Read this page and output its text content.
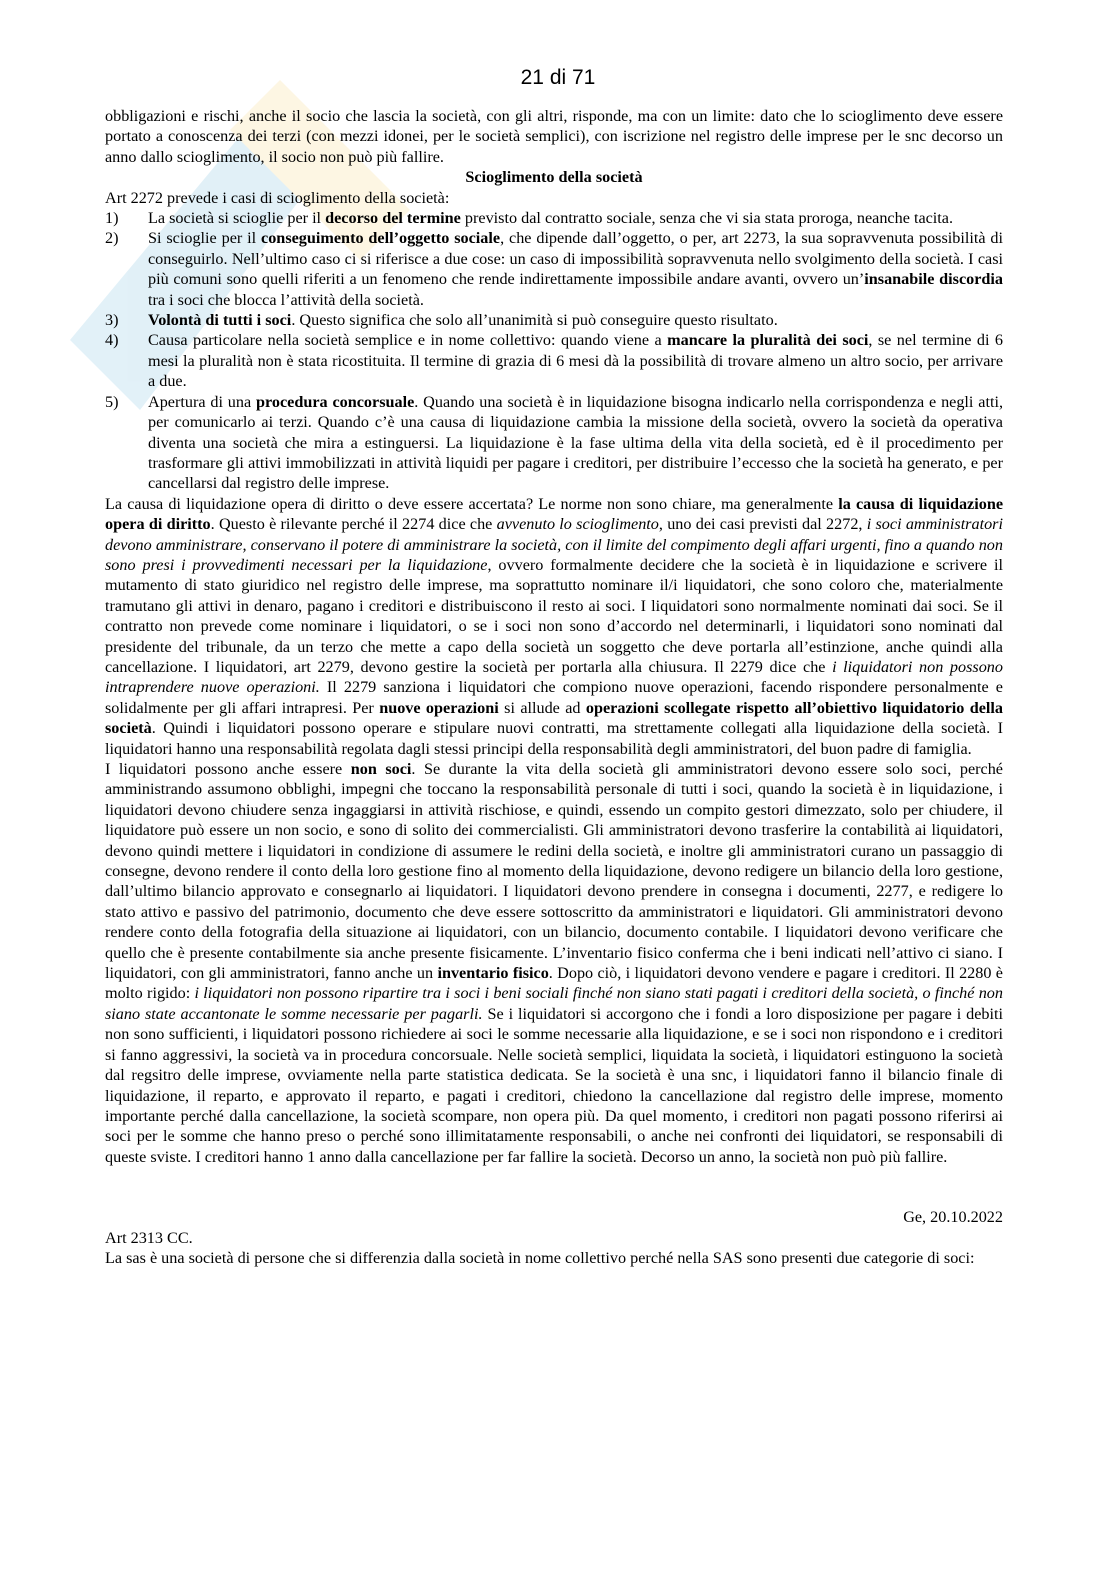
21 di 71

obbligazioni e rischi, anche il socio che lascia la società, con gli altri, risponde, ma con un limite: dato che lo scioglimento deve essere portato a conoscenza dei terzi (con mezzi idonei, per le società semplici), con iscrizione nel registro delle imprese per le snc decorso un anno dallo scioglimento, il socio non può più fallire.

Scioglimento della società

Art 2272 prevede i casi di scioglimento della società:

1)	La società si scioglie per il decorso del termine previsto dal contratto sociale, senza che vi sia stata proroga, neanche tacita.
2)	Si scioglie per il conseguimento dell’oggetto sociale, che dipende dall’oggetto, o per, art 2273, la sua sopravvenuta possibilità di conseguirlo. Nell’ultimo caso ci si riferisce a due cose: un caso di impossibilità sopravvenuta nello svolgimento della società. I casi più comuni sono quelli riferiti a un fenomeno che rende indirettamente impossibile andare avanti, ovvero un’insanabile discordia tra i soci che blocca l’attività della società.
3)	Volontà di tutti i soci. Questo significa che solo all’unanimità si può conseguire questo risultato.
4)	Causa particolare nella società semplice e in nome collettivo: quando viene a mancare la pluralità dei soci, se nel termine di 6 mesi la pluralità non è stata ricostituita. Il termine di grazia di 6 mesi dà la possibilità di trovare almeno un altro socio, per arrivare a due.
5)	Apertura di una procedura concorsuale. Quando una società è in liquidazione bisogna indicarlo nella corrispondenza e negli atti, per comunicarlo ai terzi. Quando c’è una causa di liquidazione cambia la missione della società, ovvero la società da operativa diventa una società che mira a estinguersi. La liquidazione è la fase ultima della vita della società, ed è il procedimento per trasformare gli attivi immobilizzati in attività liquidi per pagare i creditori, per distribuire l’eccesso che la società ha generato, e per cancellarsi dal registro delle imprese.

La causa di liquidazione opera di diritto o deve essere accertata? Le norme non sono chiare, ma generalmente la causa di liquidazione opera di diritto. Questo è rilevante perché il 2274 dice che avvenuto lo scioglimento, uno dei casi previsti dal 2272, i soci amministratori devono amministrare, conservano il potere di amministrare la società, con il limite del compimento degli affari urgenti, fino a quando non sono presi i provvedimenti necessari per la liquidazione, ovvero formalmente decidere che la società è in liquidazione e scrivere il mutamento di stato giuridico nel registro delle imprese, ma soprattutto nominare il/i liquidatori, che sono coloro che, materialmente tramutano gli attivi in denaro, pagano i creditori e distribuiscono il resto ai soci. I liquidatori sono normalmente nominati dai soci. Se il contratto non prevede come nominare i liquidatori, o se i soci non sono d’accordo nel determinarli, i liquidatori sono nominati dal presidente del tribunale, da un terzo che mette a capo della società un soggetto che deve portarla all’estinzione, anche quindi alla cancellazione. I liquidatori, art 2279, devono gestire la società per portarla alla chiusura. Il 2279 dice che i liquidatori non possono intraprendere nuove operazioni. Il 2279 sanziona i liquidatori che compiono nuove operazioni, facendo rispondere personalmente e solidalmente per gli affari intrapresi. Per nuove operazioni si allude ad operazioni scollegate rispetto all’obiettivo liquidatorio della società. Quindi i liquidatori possono operare e stipulare nuovi contratti, ma strettamente collegati alla liquidazione della società. I liquidatori hanno una responsabilità regolata dagli stessi principi della responsabilità degli amministratori, del buon padre di famiglia.

I liquidatori possono anche essere non soci. Se durante la vita della società gli amministratori devono essere solo soci, perché amministrando assumono obblighi, impegni che toccano la responsabilità personale di tutti i soci, quando la società è in liquidazione, i liquidatori devono chiudere senza ingaggiarsi in attività rischiose, e quindi, essendo un compito gestori dimezzato, solo per chiudere, il liquidatore può essere un non socio, e sono di solito dei commercialisti. Gli amministratori devono trasferire la contabilità ai liquidatori, devono quindi mettere i liquidatori in condizione di assumere le redini della società, e inoltre gli amministratori curano un passaggio di consegne, devono rendere il conto della loro gestione fino al momento della liquidazione, devono redigere un bilancio della loro gestione, dall’ultimo bilancio approvato e consegnarlo ai liquidatori. I liquidatori devono prendere in consegna i documenti, 2277, e redigere lo stato attivo e passivo del patrimonio, documento che deve essere sottoscritto da amministratori e liquidatori. Gli amministratori devono rendere conto della fotografia della situazione ai liquidatori, con un bilancio, documento contabile. I liquidatori devono verificare che quello che è presente contabilmente sia anche presente fisicamente. L’inventario fisico conferma che i beni indicati nell’attivo ci siano. I liquidatori, con gli amministratori, fanno anche un inventario fisico. Dopo ciò, i liquidatori devono vendere e pagare i creditori. Il 2280 è molto rigido: i liquidatori non possono ripartire tra i soci i beni sociali finché non siano stati pagati i creditori della società, o finché non siano state accantonate le somme necessarie per pagarli. Se i liquidatori si accorgono che i fondi a loro disposizione per pagare i debiti non sono sufficienti, i liquidatori possono richiedere ai soci le somme necessarie alla liquidazione, e se i soci non rispondono e i creditori si fanno aggressivi, la società va in procedura concorsuale. Nelle società semplici, liquidata la società, i liquidatori estinguono la società dal regsitro delle imprese, ovviamente nella parte statistica dedicata. Se la società è una snc, i liquidatori fanno il bilancio finale di liquidazione, il reparto, e approvato il reparto, e pagati i creditori, chiedono la cancellazione dal registro delle imprese, momento importante perché dalla cancellazione, la società scompare, non opera più. Da quel momento, i creditori non pagati possono riferirsi ai soci per le somme che hanno preso o perché sono illimitatamente responsabili, o anche nei confronti dei liquidatori, se responsabili di queste sviste. I creditori hanno 1 anno dalla cancellazione per far fallire la società. Decorso un anno, la società non può più fallire.

Ge, 20.10.2022

Art 2313 CC.

La sas è una società di persone che si differenzia dalla società in nome collettivo perché nella SAS sono presenti due categorie di soci:
